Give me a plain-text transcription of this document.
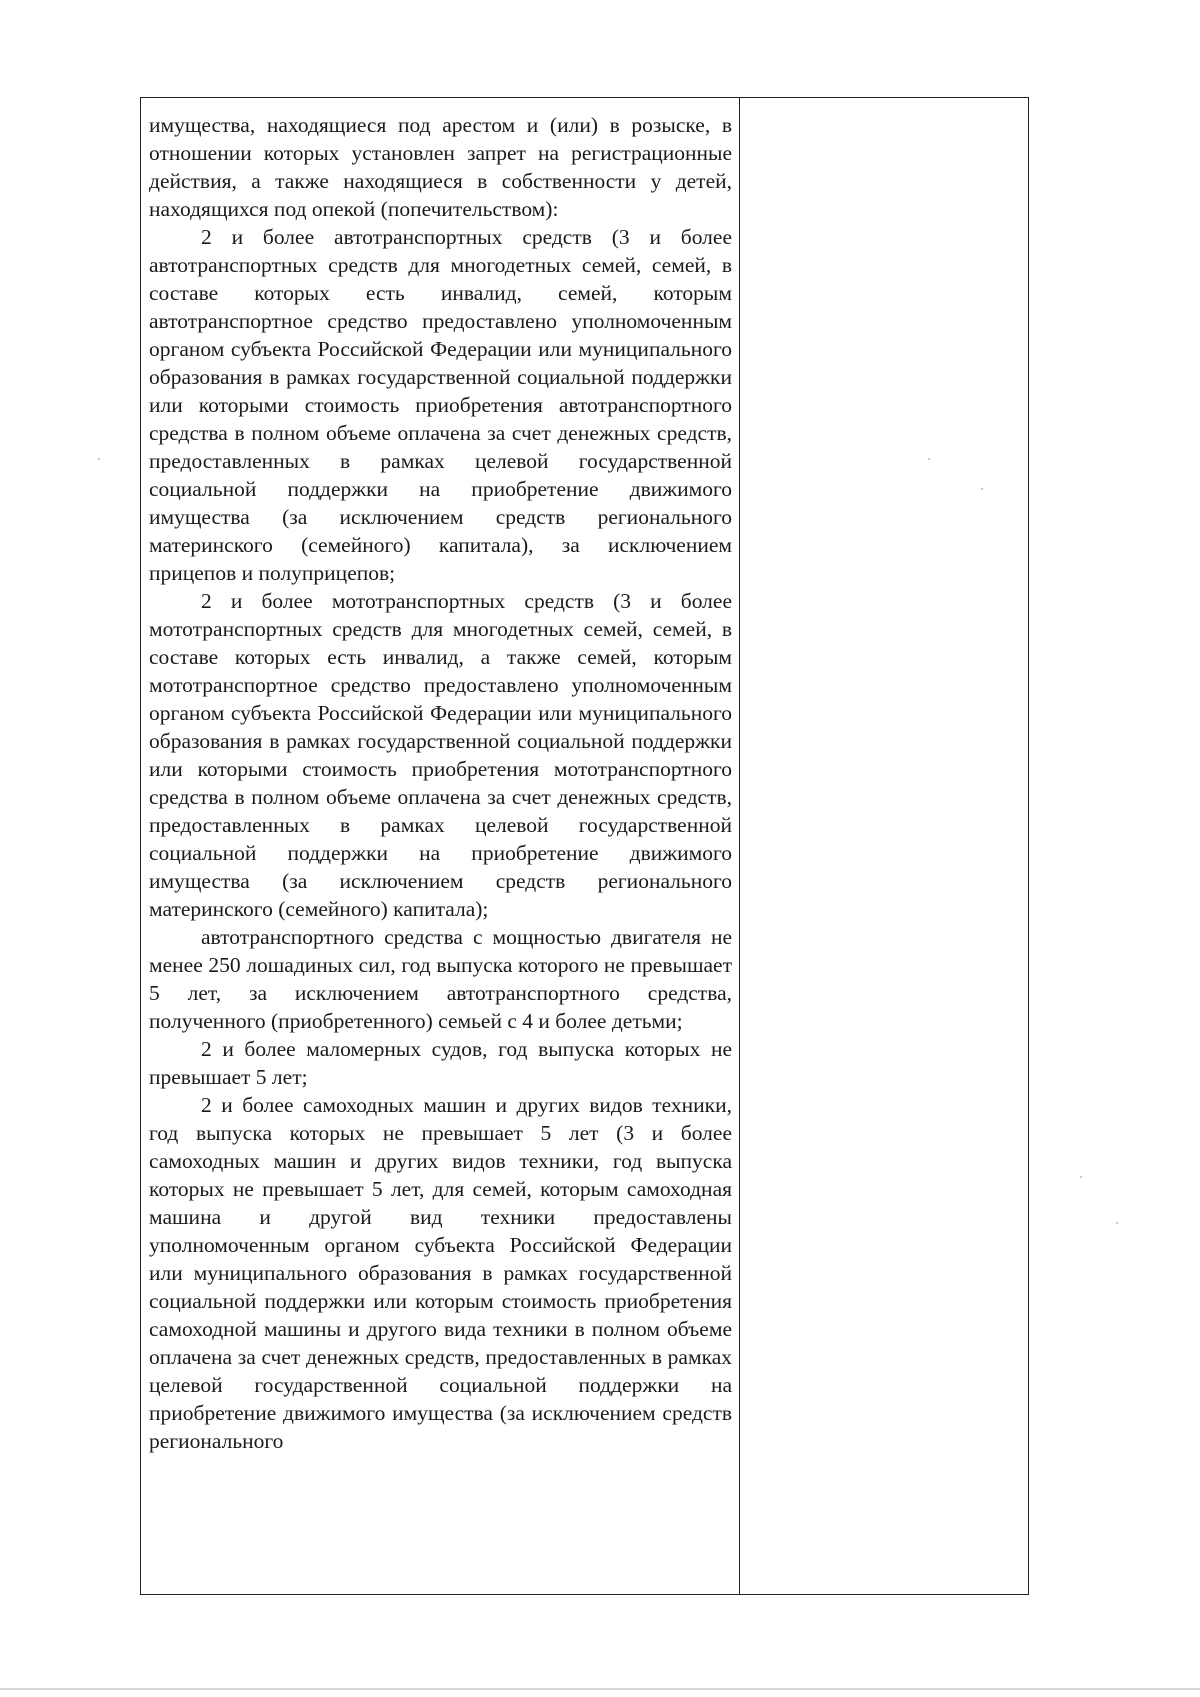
имущества, находящиеся под арестом и (или) в розыске, в отношении которых установлен запрет на регистрационные действия, а также находящиеся в собственности у детей, находящихся под опекой (попечительством):

2 и более автотранспортных средств (3 и более автотранспортных средств для многодетных семей, семей, в составе которых есть инвалид, семей, которым автотранспортное средство предоставлено уполномоченным органом субъекта Российской Федерации или муниципального образования в рамках государственной социальной поддержки или которыми стоимость приобретения автотранспортного средства в полном объеме оплачена за счет денежных средств, предоставленных в рамках целевой государственной социальной поддержки на приобретение движимого имущества (за исключением средств регионального материнского (семейного) капитала), за исключением прицепов и полуприцепов;

2 и более мототранспортных средств (3 и более мототранспортных средств для многодетных семей, семей, в составе которых есть инвалид, а также семей, которым мототранспортное средство предоставлено уполномоченным органом субъекта Российской Федерации или муниципального образования в рамках государственной социальной поддержки или которыми стоимость приобретения мототранспортного средства в полном объеме оплачена за счет денежных средств, предоставленных в рамках целевой государственной социальной поддержки на приобретение движимого имущества (за исключением средств регионального материнского (семейного) капитала);

автотранспортного средства с мощностью двигателя не менее 250 лошадиных сил, год выпуска которого не превышает 5 лет, за исключением автотранспортного средства, полученного (приобретенного) семьей с 4 и более детьми;

2 и более маломерных судов, год выпуска которых не превышает 5 лет;

2 и более самоходных машин и других видов техники, год выпуска которых не превышает 5 лет (3 и более самоходных машин и других видов техники, год выпуска которых не превышает 5 лет, для семей, которым самоходная машина и другой вид техники предоставлены уполномоченным органом субъекта Российской Федерации или муниципального образования в рамках государственной социальной поддержки или которым стоимость приобретения самоходной машины и другого вида техники в полном объеме оплачена за счет денежных средств, предоставленных в рамках целевой государственной социальной поддержки на приобретение движимого имущества (за исключением средств регионального
